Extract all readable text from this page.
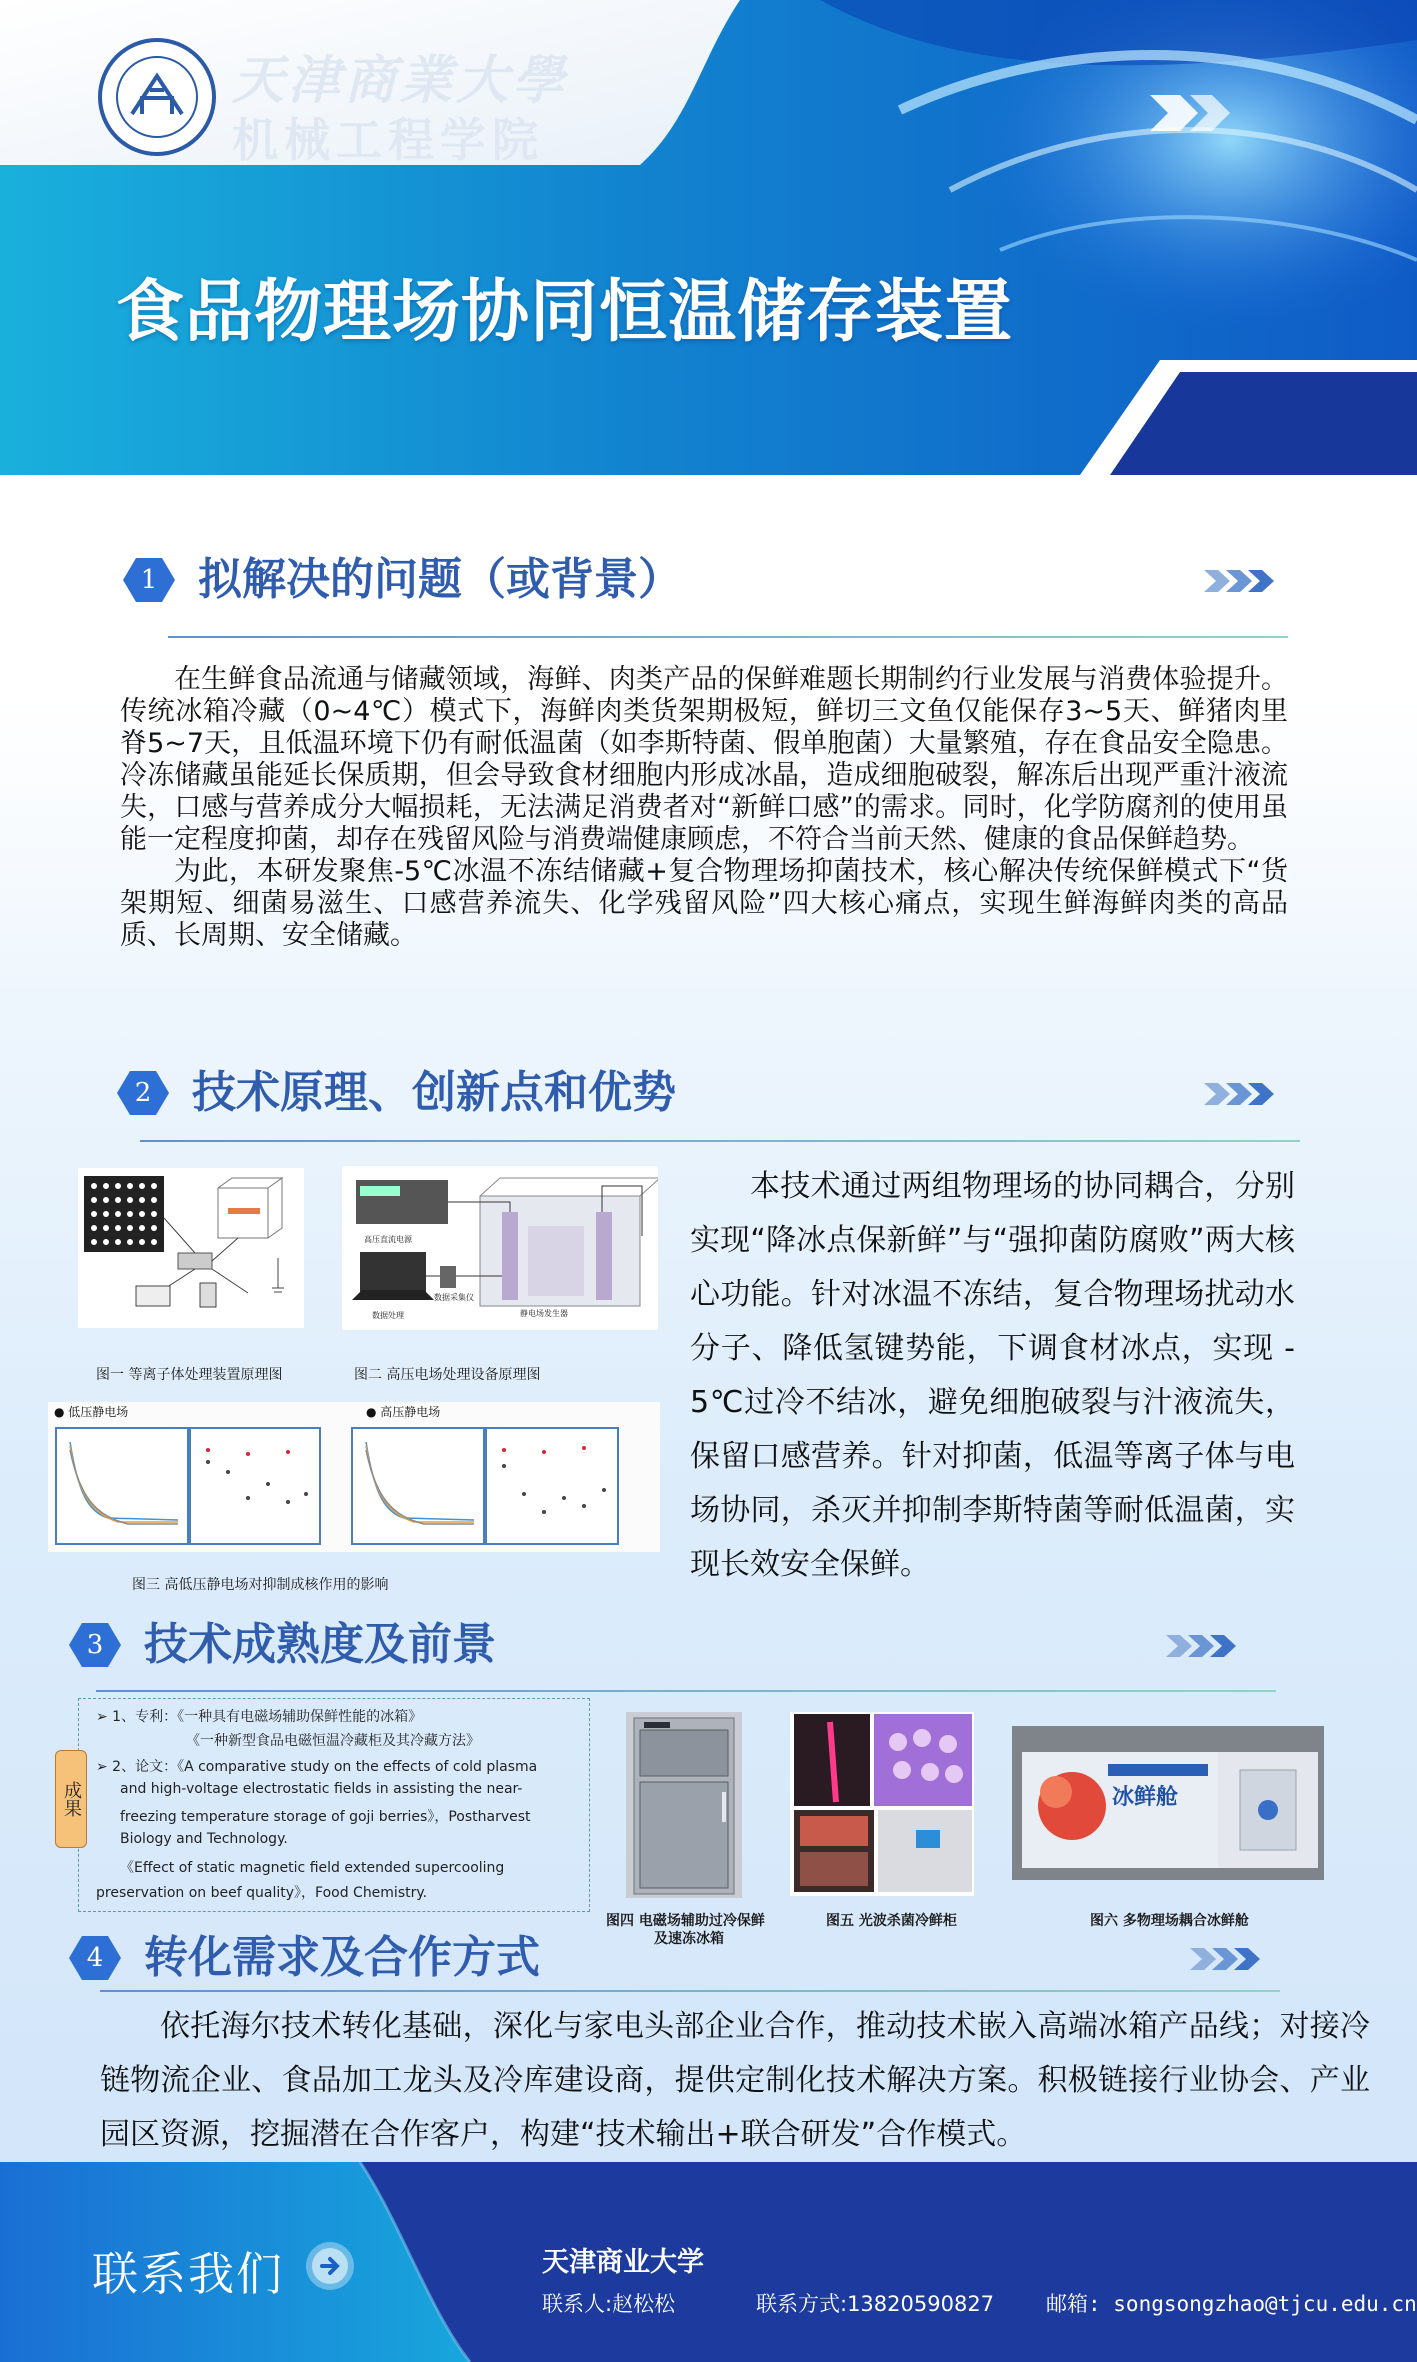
天津商業大學
机械工程学院
食品物理场协同恒温储存装置
1 拟解决的问题（或背景）

在生鲜食品流通与储藏领域，海鲜、肉类产品的保鲜难题长期制约行业发展与消费体验提升。传统冰箱冷藏（0~4℃）模式下，海鲜肉类货架期极短，鲜切三文鱼仅能保存3~5天、鲜猪肉里脊5~7天，且低温环境下仍有耐低温菌（如李斯特菌、假单胞菌）大量繁殖，存在食品安全隐患。冷冻储藏虽能延长保质期，但会导致食材细胞内形成冰晶，造成细胞破裂，解冻后出现严重汁液流失，口感与营养成分大幅损耗，无法满足消费者对“新鲜口感”的需求。同时，化学防腐剂的使用虽能一定程度抑菌，却存在残留风险与消费端健康顾虑，不符合当前天然、健康的食品保鲜趋势。

为此，本研发聚焦-5℃冰温不冻结储藏+复合物理场抑菌技术，核心解决传统保鲜模式下“货架期短、细菌易滋生、口感营养流失、化学残留风险”四大核心痛点，实现生鲜海鲜肉类的高品质、长周期、安全储藏。

2 技术原理、创新点和优势
图一 等离子体处理装置原理图
高压直流电源
数据处理
数据采集仪
静电场发生器
图二 高压电场处理设备原理图
● 低压静电场	● 高压静电场
图三 高低压静电场对抑制成核作用的影响

本技术通过两组物理场的协同耦合，分别实现“降冰点保新鲜”与“强抑菌防腐败”两大核心功能。针对冰温不冻结，复合物理场扰动水分子、降低氢键势能，下调食材冰点，实现 - 5℃过冷不结冰，避免细胞破裂与汁液流失，保留口感营养。针对抑菌，低温等离子体与电场协同，杀灭并抑制李斯特菌等耐低温菌，实现长效安全保鲜。

3 技术成熟度及前景
成果
➢ 1、专利：《一种具有电磁场辅助保鲜性能的冰箱》
《一种新型食品电磁恒温冷藏柜及其冷藏方法》
➢ 2、论文：《A comparative study on the effects of cold plasma
and high-voltage electrostatic fields in assisting the near-
freezing temperature storage of goji berries》，Postharvest
Biology and Technology.
《Effect of static magnetic field extended supercooling
preservation on beef quality》，Food Chemistry.
图四 电磁场辅助过冷保鲜
及速冻冰箱
图五 光波杀菌冷鲜柜
冰鲜舱
图六 多物理场耦合冰鲜舱
4 转化需求及合作方式

依托海尔技术转化基础，深化与家电头部企业合作，推动技术嵌入高端冰箱产品线；对接冷链物流企业、食品加工龙头及冷库建设商，提供定制化技术解决方案。积极链接行业协会、产业园区资源，挖掘潜在合作客户，构建“技术输出+联合研发”合作模式。

联系我们	天津商业大学
联系人:赵松松	联系方式:13820590827 邮箱: songsongzhao@tjcu.edu.cn
